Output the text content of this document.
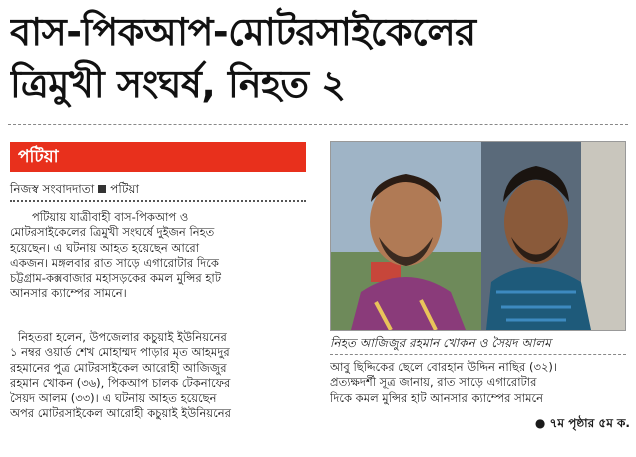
বাস-পিকআপ-মোটরসাইকেলের
ত্রিমুখী সংঘর্ষ, নিহত ২
পটিয়া
নিজস্ব সংবাদদাতা পটিয়া
পটিয়ায় যাত্রীবাহী বাস-পিকআপ ও
মোটরসাইকেলের ত্রিমুখী সংঘর্ষে দুইজন নিহত
হয়েছেন। এ ঘটনায় আহত হয়েছেন আরো
একজন। মঙ্গলবার রাত সাড়ে এগারোটার দিকে
চট্টগ্রাম-কক্সবাজার মহাসড়কের কমল মুন্সির হাট
আনসার ক্যাম্পের সামনে।
নিহতরা হলেন, উপজেলার কচুয়াই ইউনিয়নের
১ নম্বর ওয়ার্ড শেখ মোহাম্মদ পাড়ার মৃত আহমদুর
রহমানের পুত্র মোটরসাইকেল আরোহী আজিজুর
রহমান খোকন (৩৬), পিকআপ চালক টেকনাফের
সৈয়দ আলম (৩৩)। এ ঘটনায় আহত হয়েছেন
অপর মোটরসাইকেল আরোহী কচুয়াই ইউনিয়নের
নিহত আজিজুর রহমান খোকন ও সৈয়দ আলম
আবু ছিদ্দিকের ছেলে বোরহান উদ্দিন নাছির (৩২)।
প্রত্যক্ষদর্শী সূত্র জানায়, রাত সাড়ে এগারোটার
দিকে কমল মুন্সির হাট আনসার ক্যাম্পের সামনে
● ৭ম পৃষ্ঠার ৫ম ক.
